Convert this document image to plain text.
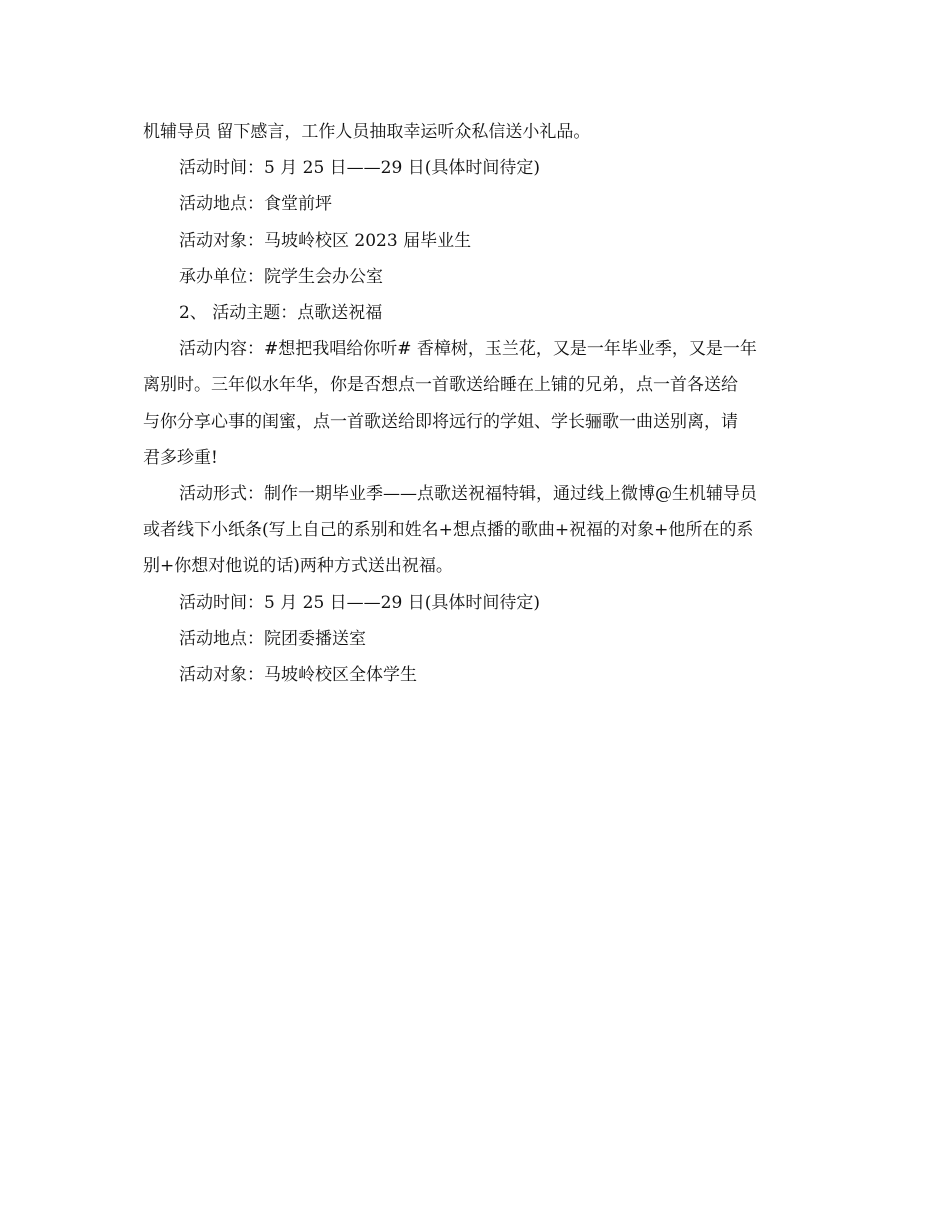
机辅导员 留下感言，工作人员抽取幸运听众私信送小礼品。

活动时间：5 月 25 日——29 日(具体时间待定)

活动地点：食堂前坪

活动对象：马坡岭校区 2023 届毕业生

承办单位：院学生会办公室

2、 活动主题：点歌送祝福

活动内容：#想把我唱给你听# 香樟树，玉兰花，又是一年毕业季，又是一年
离别时。三年似水年华，你是否想点一首歌送给睡在上铺的兄弟，点一首各送给
与你分享心事的闺蜜，点一首歌送给即将远行的学姐、学长骊歌一曲送别离，请
君多珍重!
活动形式：制作一期毕业季——点歌送祝福特辑，通过线上微博@生机辅导员
或者线下小纸条(写上自己的系别和姓名+想点播的歌曲+祝福的对象+他所在的系
别+你想对他说的话)两种方式送出祝福。

活动时间：5 月 25 日——29 日(具体时间待定)

活动地点：院团委播送室

活动对象：马坡岭校区全体学生
